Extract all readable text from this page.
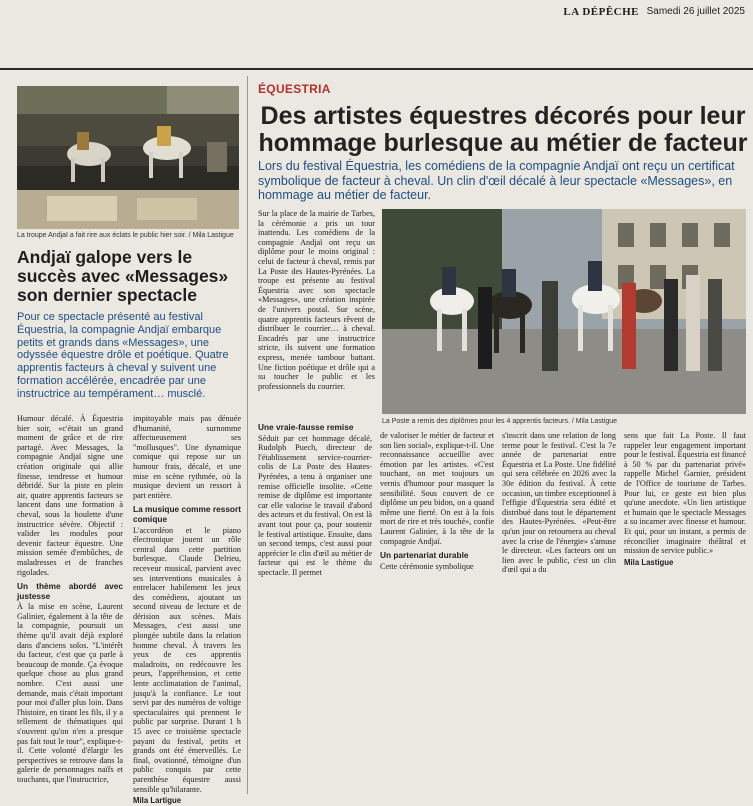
LA DÉPÊCHE Samedi 26 juillet 2025
La troupe Andjaï a fait rire aux éclats le public hier soir. / Mila Lastigue
Andjaï galope vers le succès avec «Messages» son dernier spectacle
Pour ce spectacle présenté au festival Équestria, la compagnie Andjaï embarque petits et grands dans «Messages», une odyssée équestre drôle et poétique. Quatre apprentis facteurs à cheval y suivent une formation accélérée, encadrée par une instructrice au tempérament… musclé.

Humour décalé. À Équestria hier soir, «c'était un grand moment de grâce et de rire partagé. Avec Messages, la compagnie Andjaï signe une création originale qui allie finesse, tendresse et humour débridé. Sur la piste en plein air, quatre apprentis facteurs se lancent dans une formation à cheval, sous la houlette d'une instructrice sévère. Objectif : valider les modules pour devenir facteur équestre. Une mission semée d'embûches, de maladresses et de franches rigolades.

Un thème abordé avec justesse

À la mise en scène, Laurent Galinier, également à la tête de la compagnie, poursuit un thème qu'il avait déjà exploré dans d'anciens solos. "L'intérêt du facteur, c'est que ça parle à beaucoup de monde. Ça évoque quelque chose au plus grand nombre. C'est aussi une demande, mais c'était important pour moi d'aller plus loin. Dans l'histoire, en tirant les fils, il y a tellement de thématiques qui s'ouvrent qu'on n'en a presque pas fait tout le tour", explique-t-il. Cette volonté d'élargir les perspectives se retrouve dans la galerie de personnages naïfs et touchants, que l'instructrice,

impitoyable mais pas dénuée d'humanité, surnomme affectueusement ses "mollusques". Une dynamique comique qui repose sur un humour frais, décalé, et une mise en scène rythmée, où la musique devient un ressort à part entière.

La musique comme ressort comique

L'accordéon et le piano électronique jouent un rôle central dans cette partition burlesque. Claude Delrieu, receveur musical, parvient avec ses interventions musicales à entrelacer habilement les jeux des comédiens, ajoutant un second niveau de lecture et de dérision aux scènes. Mais Messages, c'est aussi une plongée subtile dans la relation homme cheval. À travers les yeux de ces apprentis maladroits, on redécouvre les peurs, l'appréhension, et cette lente acclimatation de l'animal, jusqu'à la confiance. Le tout servi par des numéros de voltige spectaculaires qui prennent le public par surprise. Durant 1 h 15 avec ce troisième spectacle payant du festival, petits et grands ont été émerveillés. Le final, ovationné, témoigne d'un public conquis par cette parenthèse équestre aussi sensible qu'hilarante.

Mila Lartigue
ÉQUESTRIA
Des artistes équestres décorés pour leur hommage burlesque au métier de facteur
Lors du festival Équestria, les comédiens de la compagnie Andjaï ont reçu un certificat symbolique de facteur à cheval. Un clin d'œil décalé à leur spectacle «Messages», en hommage au métier de facteur.

Sur la place de la mairie de Tarbes, la cérémonie a pris un tour inattendu. Les comédiens de la compagnie Andjaï ont reçu un diplôme pour le moins original : celui de facteur à cheval, remis par La Poste des Hautes-Pyrénées. La troupe est présente au festival Équestria avec son spectacle «Messages», une création inspirée de l'univers postal. Sur scène, quatre apprentis facteurs rêvent de distribuer le courrier… à cheval. Encadrés par une instructrice stricte, ils suivent une formation express, menée tambour battant. Une fiction poétique et drôle qui a su toucher le public et les professionnels du courrier.

La Poste a remis des diplômes pour les 4 apprentis facteurs. / Mila Lastigue
Une vraie-fausse remise

Séduit par cet hommage décalé, Rudolph Puech, directeur de l'établissement service-courrier-colis de La Poste des Hautes-Pyrénées, a tenu à organiser une remise officielle insolite. «Cette remise de diplôme est importante car elle valorise le travail d'abord des acteurs et du festival. On est là avant tout pour ça, pour soutenir le festival artistique. Ensuite, dans un second temps, c'est aussi pour apprécier le clin d'œil au métier de facteur qui est le thème du spectacle. Il permet

de valoriser le métier de facteur et son lien social», explique-t-il. Une reconnaissance accueillie avec émotion par les artistes. «C'est touchant, on met toujours un vernis d'humour pour masquer la sensibilité. Sous couvert de ce diplôme un peu bidon, on a quand même une fierté. On est à la fois mort de rire et très touché», confie Laurent Galinier, à la tête de la compagnie Andjaï.

Un partenariat durable

Cette cérémonie symbolique

s'inscrit dans une relation de long terme pour le festival. C'est la 7e année de partenariat entre Équestria et La Poste. Une fidélité qui sera célébrée en 2026 avec la 30e édition du festival. À cette occasion, un timbre exceptionnel à l'effigie d'Équestria sera édité et distribué dans tout le département des Hautes-Pyrénées. «Peut-être qu'un jour on retournera au cheval avec la crise de l'énergie» s'amuse le directeur. «Les facteurs ont un lien avec le public, c'est un clin d'œil qui a du

sens que fait La Poste. Il faut rappeler leur engagement important pour le festival. Équestria est financé à 50 % par du partenariat privé» rappelle Michel Garnier, président de l'Office de tourisme de Tarbes. Pour lui, ce geste est bien plus qu'une anecdote. «Un lien artistique et humain que le spectacle Messages a su incarner avec finesse et humour. Et qui, pour un instant, a permis de réconcilier imaginaire théâtral et mission de service public.»

Mila Lastigue
